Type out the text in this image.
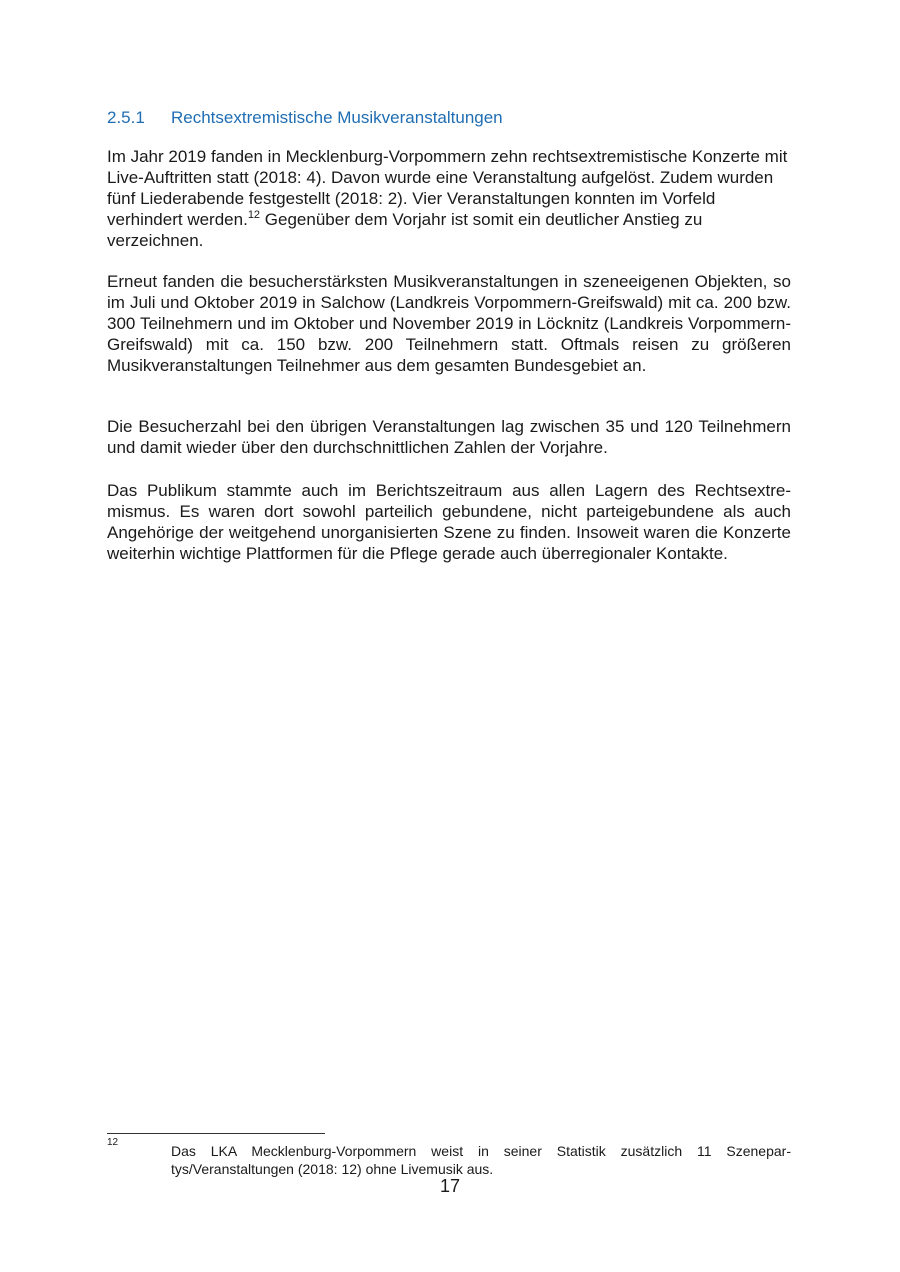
2.5.1 Rechtsextremistische Musikveranstaltungen

Im Jahr 2019 fanden in Mecklenburg-Vorpommern zehn rechtsextremistische Konzerte mit Live-Auftritten statt (2018: 4). Davon wurde eine Veranstaltung aufgelöst. Zudem wurden fünf Liederabende festgestellt (2018: 2). Vier Veranstaltungen konnten im Vorfeld verhindert werden.$^{12}$ Gegenüber dem Vorjahr ist somit ein deutlicher Anstieg zu verzeichnen.

Erneut fanden die besucherstärksten Musikveranstaltungen in szeneeigenen Objekten, so im Juli und Oktober 2019 in Salchow (Landkreis Vorpommern-Greifswald) mit ca. 200 bzw. 300 Teilnehmern und im Oktober und November 2019 in Löcknitz (Landkreis Vorpommern-Greifswald) mit ca. 150 bzw. 200 Teilnehmern statt. Oftmals reisen zu größeren Musikveranstaltungen Teilnehmer aus dem gesamten Bundesgebiet an.

Die Besucherzahl bei den übrigen Veranstaltungen lag zwischen 35 und 120 Teilnehmern und damit wieder über den durchschnittlichen Zahlen der Vorjahre.

Das Publikum stammte auch im Berichtszeitraum aus allen Lagern des Rechtsextremismus. Es waren dort sowohl parteilich gebundene, nicht parteigebundene als auch Angehörige der weitgehend unorganisierten Szene zu finden. Insoweit waren die Konzerte weiterhin wichtige Plattformen für die Pflege gerade auch überregionaler Kontakte.

12
Das LKA Mecklenburg-Vorpommern weist in seiner Statistik zusätzlich 11 Szenepartys/Veranstaltungen (2018: 12) ohne Livemusik aus.
17
